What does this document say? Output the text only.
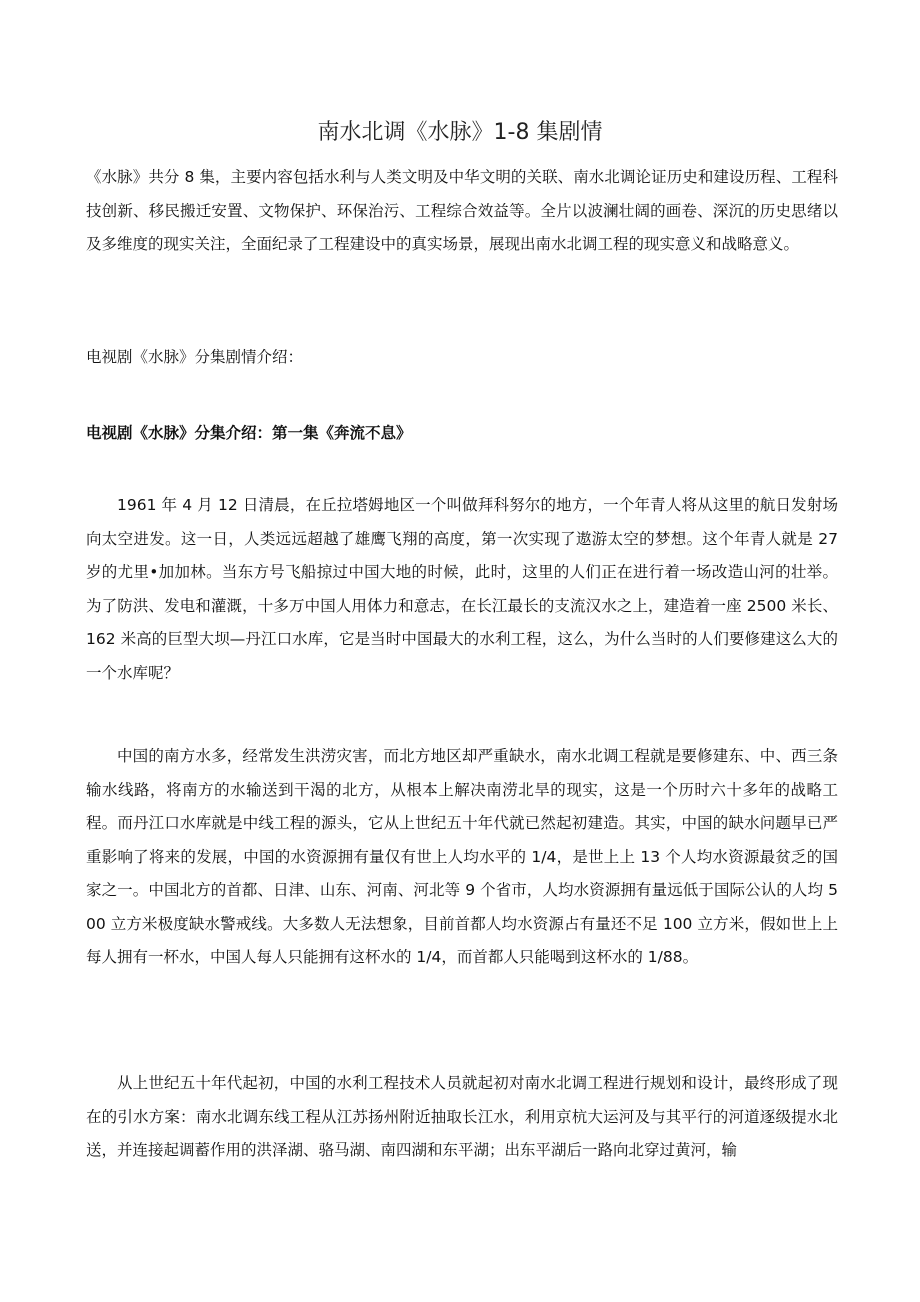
南水北调《水脉》1-8 集剧情

《水脉》共分 8 集，主要内容包括水利与人类文明及中华文明的关联、南水北调论证历史和建设历程、工程科技创新、移民搬迁安置、文物保护、环保治污、工程综合效益等。全片以波澜壮阔的画卷、深沉的历史思绪以及多维度的现实关注，全面纪录了工程建设中的真实场景，展现出南水北调工程的现实意义和战略意义。

电视剧《水脉》分集剧情介绍：

电视剧《水脉》分集介绍：第一集《奔流不息》

1961 年 4 月 12 日清晨，在丘拉塔姆地区一个叫做拜科努尔的地方，一个年青人将从这里的航日发射场向太空进发。这一日，人类远远超越了雄鹰飞翔的高度，第一次实现了遨游太空的梦想。这个年青人就是 27 岁的尤里•加加林。当东方号飞船掠过中国大地的时候，此时，这里的人们正在进行着一场改造山河的壮举。为了防洪、发电和灌溉，十多万中国人用体力和意志，在长江最长的支流汉水之上，建造着一座 2500 米长、162 米高的巨型大坝—丹江口水库，它是当时中国最大的水利工程，这么，为什么当时的人们要修建这么大的一个水库呢？

中国的南方水多，经常发生洪涝灾害，而北方地区却严重缺水，南水北调工程就是要修建东、中、西三条输水线路，将南方的水输送到干渴的北方，从根本上解决南涝北旱的现实，这是一个历时六十多年的战略工程。而丹江口水库就是中线工程的源头，它从上世纪五十年代就已然起初建造。其实，中国的缺水问题早已严重影响了将来的发展，中国的水资源拥有量仅有世上人均水平的 1/4，是世上上 13 个人均水资源最贫乏的国家之一。中国北方的首都、日津、山东、河南、河北等 9 个省市，人均水资源拥有量远低于国际公认的人均 500 立方米极度缺水警戒线。大多数人无法想象，目前首都人均水资源占有量还不足 100 立方米，假如世上上每人拥有一杯水，中国人每人只能拥有这杯水的 1/4，而首都人只能喝到这杯水的 1/88。

从上世纪五十年代起初，中国的水利工程技术人员就起初对南水北调工程进行规划和设计，最终形成了现在的引水方案：南水北调东线工程从江苏扬州附近抽取长江水，利用京杭大运河及与其平行的河道逐级提水北送，并连接起调蓄作用的洪泽湖、骆马湖、南四湖和东平湖；出东平湖后一路向北穿过黄河，输
